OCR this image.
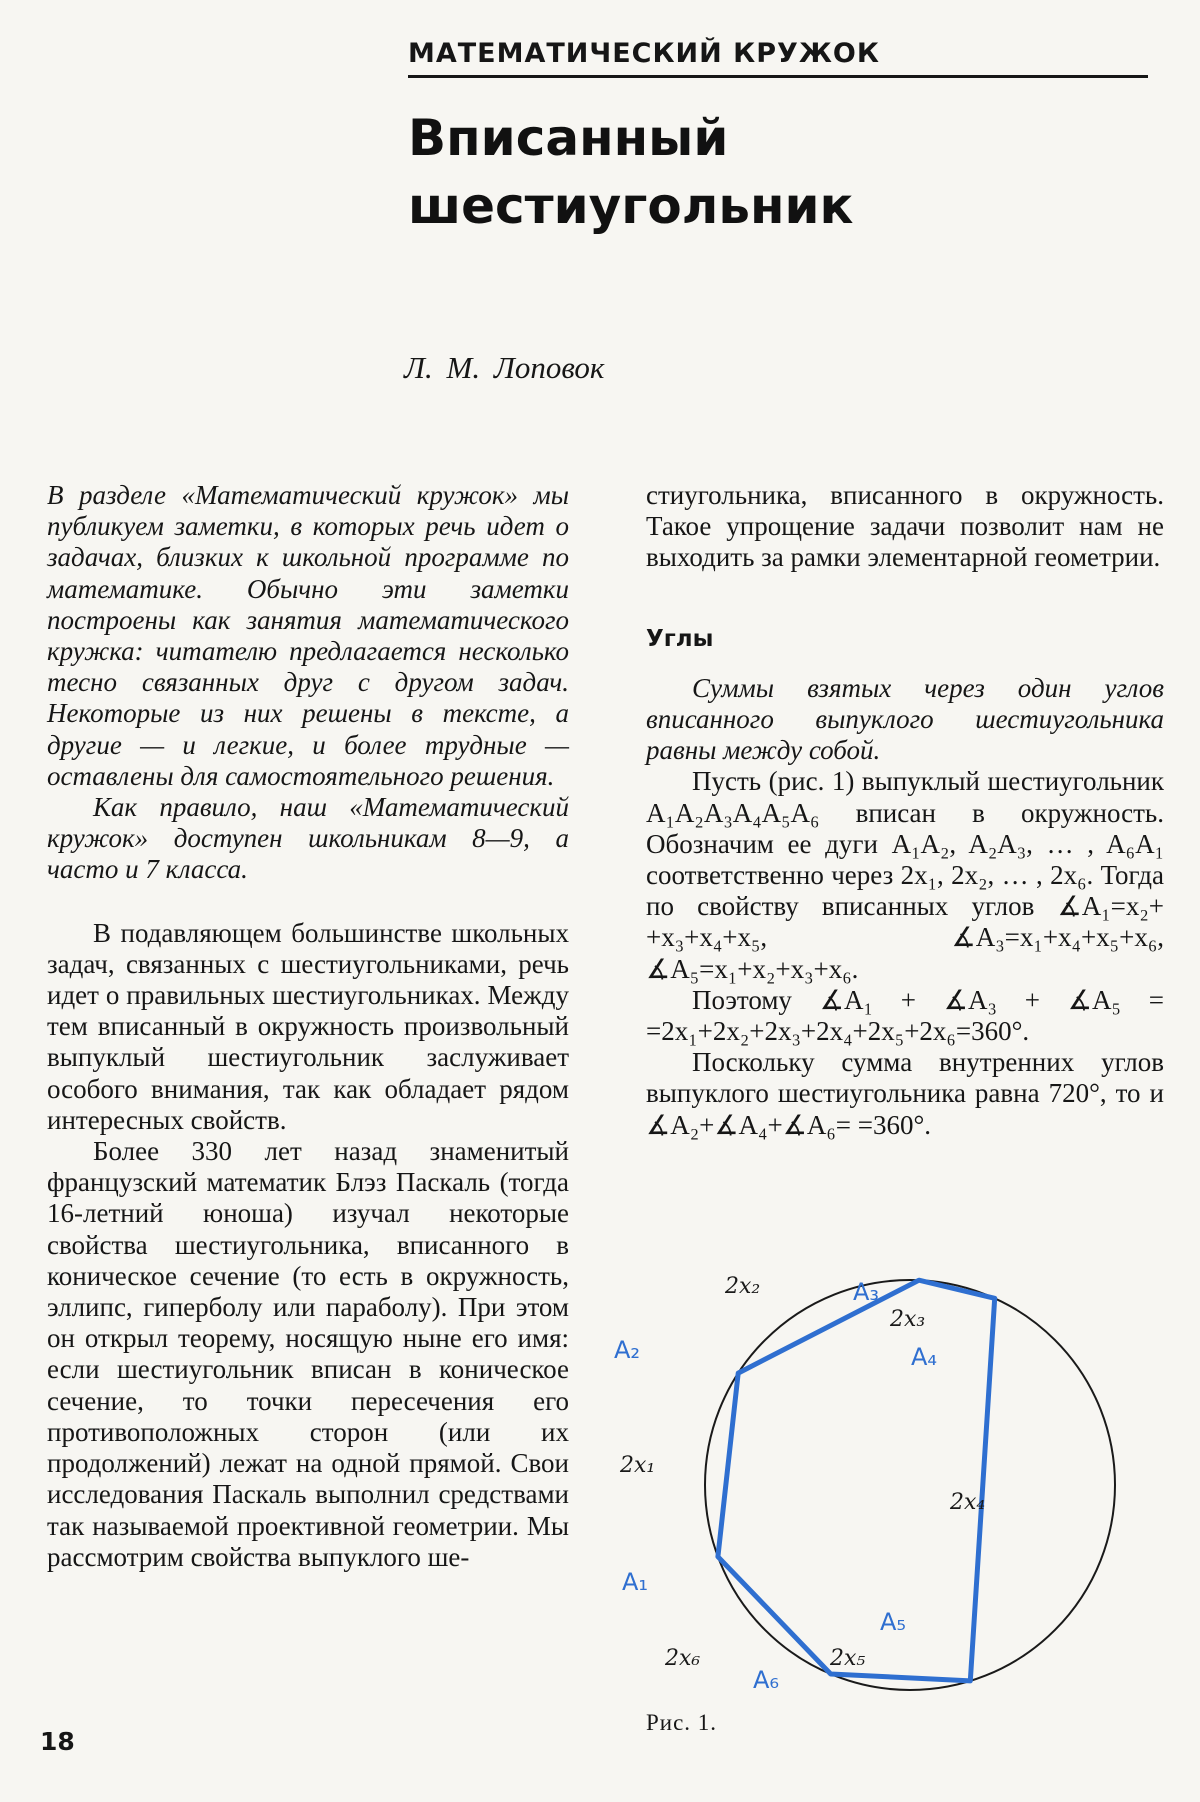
МАТЕМАТИЧЕСКИЙ КРУЖОК
Вписанный
шестиугольник
Л. М. Лоповок

В разделе «Математический кружок» мы публикуем заметки, в которых речь идет о задачах, близких к школьной программе по математике. Обычно эти заметки построены как занятия математического кружка: читателю предлагается несколько тесно связанных друг с другом задач. Некоторые из них решены в тексте, а другие — и легкие, и более трудные — оставлены для самостоятельного решения.

Как правило, наш «Математический кружок» доступен школьникам 8—9, а часто и 7 класса.

В подавляющем большинстве школьных задач, связанных с шестиугольниками, речь идет о правильных шестиугольниках. Между тем вписанный в окружность произвольный выпуклый шестиугольник заслуживает особого внимания, так как обладает рядом интересных свойств.

Более 330 лет назад знаменитый французский математик Блэз Паскаль (тогда 16-летний юноша) изучал некоторые свойства шестиугольника, вписанного в коническое сечение (то есть в окружность, эллипс, гиперболу или параболу). При этом он открыл теорему, носящую ныне его имя: если шестиугольник вписан в коническое сечение, то точки пересечения его противоположных сторон (или их продолжений) лежат на одной прямой. Свои исследования Паскаль выполнил средствами так называемой проективной геометрии. Мы рассмотрим свойства выпуклого ше-

стиугольника, вписанного в окружность. Такое упрощение задачи позволит нам не выходить за рамки элементарной геометрии.

Углы

Суммы взятых через один углов вписанного выпуклого шестиугольника равны между собой.

Пусть (рис. 1) выпуклый шестиугольник A₁A₂A₃A₄A₅A₆ вписан в окружность. Обозначим ее дуги A₁A₂, A₂A₃, … , A₆A₁ соответственно через 2x₁, 2x₂, … , 2x₆. Тогда по свойству вписанных углов ∡A₁=x₂+ +x₃+x₄+x₅, ∡A₃=x₁+x₄+x₅+x₆, ∡A₅=x₁+x₂+x₃+x₆.

Поэтому ∡A₁ + ∡A₃ + ∡A₅ = =2x₁+2x₂+2x₃+2x₄+2x₅+2x₆=360°.

Поскольку сумма внутренних углов выпуклого шестиугольника равна 720°, то и ∡A₂+∡A₄+∡A₆= =360°.

A₁
A₂
A₃
A₄
A₅
A₆
2x₁
2x₂
2x₃
2x₄
2x₅
2x₆
Рис. 1.
18
